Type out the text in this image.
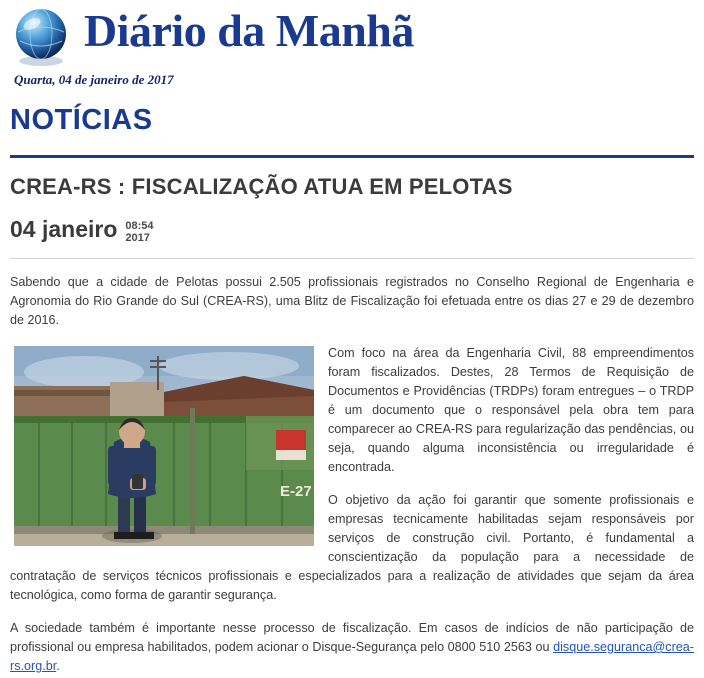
Diário da Manhã
Quarta, 04 de janeiro de 2017
NOTÍCIAS
CREA-RS : FISCALIZAÇÃO ATUA EM PELOTAS
04 janeiro 08:54
2017
Sabendo que a cidade de Pelotas possui 2.505 profissionais registrados no Conselho Regional de Engenharia e Agronomia do Rio Grande do Sul (CREA-RS), uma Blitz de Fiscalização foi efetuada entre os dias 27 e 29 de dezembro de 2016.
E-27
Com foco na área da Engenharia Civil, 88 empreendimentos foram fiscalizados. Destes, 28 Termos de Requisição de Documentos e Providências (TRDPs) foram entregues – o TRDP é um documento que o responsável pela obra tem para comparecer ao CREA-RS para regularização das pendências, ou seja, quando alguma inconsistência ou irregularidade é encontrada.
O objetivo da ação foi garantir que somente profissionais e empresas tecnicamente habilitadas sejam responsáveis por serviços de construção civil. Portanto, é fundamental a conscientização da população para a necessidade de contratação de serviços técnicos profissionais e especializados para a realização de atividades que sejam da área tecnológica, como forma de garantir segurança.
A sociedade também é importante nesse processo de fiscalização. Em casos de indícios de não participação de profissional ou empresa habilitados, podem acionar o Disque-Segurança pelo 0800 510 2563 ou disque.seguranca@crea-rs.org.br.
